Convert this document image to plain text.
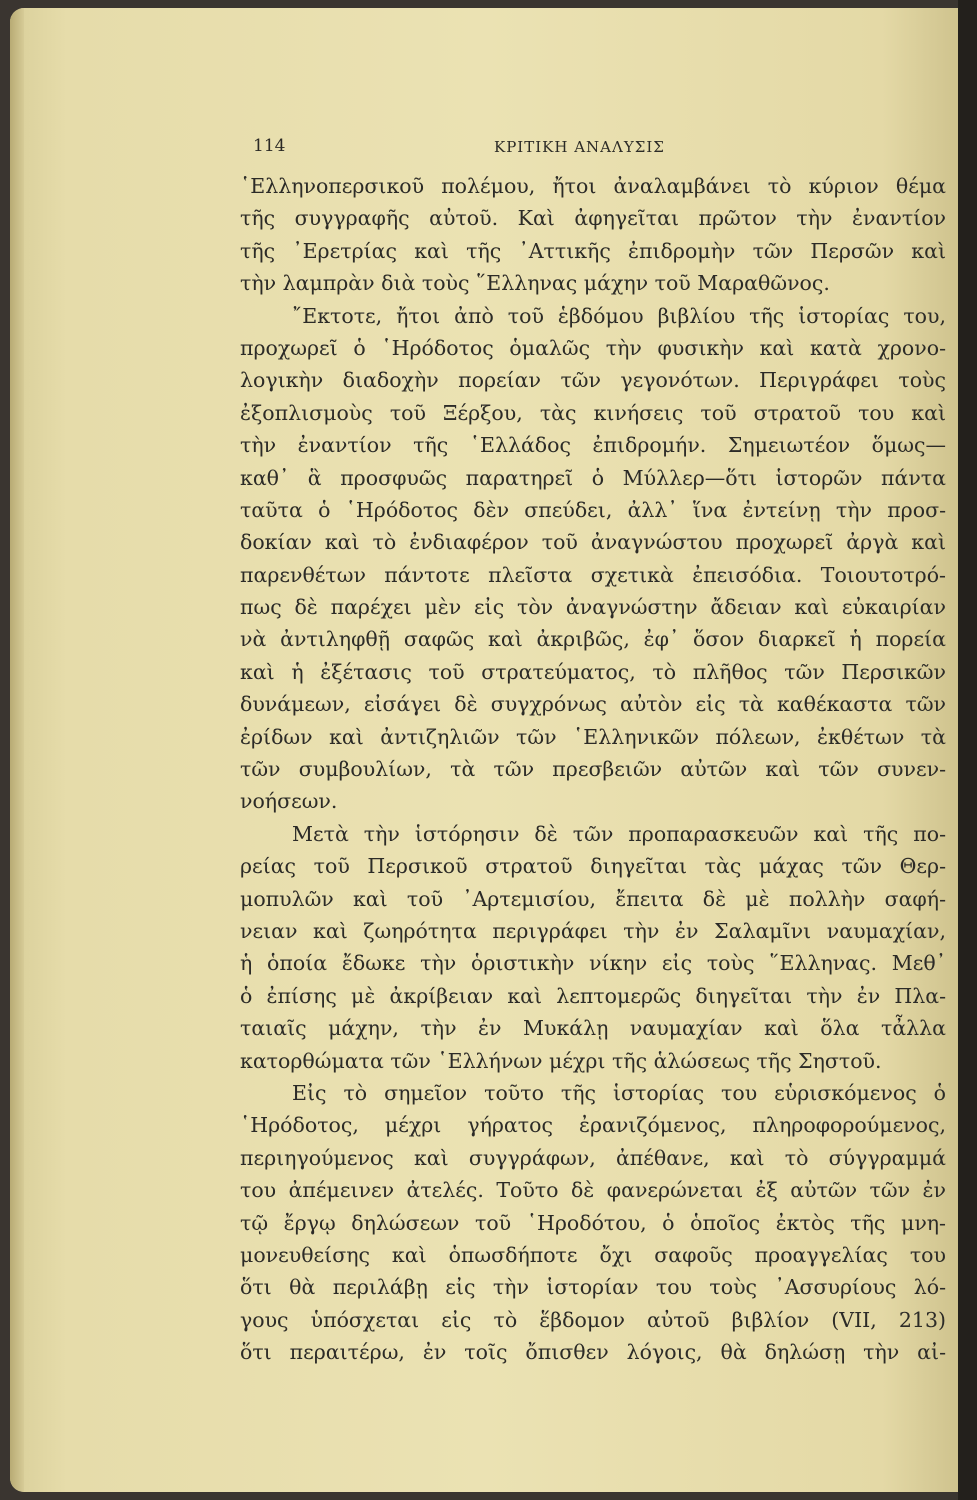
114	ΚΡΙΤΙΚΗ ΑΝΑΛΥΣΙΣ
῾Ελληνοπερσικοῦ πολέμου, ἤτοι ἀναλαμβάνει τὸ κύριον θέμα
τῆς συγγραφῆς αὐτοῦ. Καὶ ἀφηγεῖται πρῶτον τὴν ἐναντίον
τῆς ᾿Ερετρίας καὶ τῆς ᾿Αττικῆς ἐπιδρομὴν τῶν Περσῶν καὶ
τὴν λαμπρὰν διὰ τοὺς ῞Ελληνας μάχην τοῦ Μαραθῶνος.
῎Εκτοτε, ἤτοι ἀπὸ τοῦ ἑβδόμου βιβλίου τῆς ἱστορίας του,
προχωρεῖ ὁ ῾Ηρόδοτος ὁμαλῶς τὴν φυσικὴν καὶ κατὰ χρονο-
λογικὴν διαδοχὴν πορείαν τῶν γεγονότων. Περιγράφει τοὺς
ἐξοπλισμοὺς τοῦ Ξέρξου, τὰς κινήσεις τοῦ στρατοῦ του καὶ
τὴν ἐναντίον τῆς ῾Ελλάδος ἐπιδρομήν. Σημειωτέον ὅμως—
καθ᾿ ἃ προσφυῶς παρατηρεῖ ὁ Μύλλερ—ὅτι ἱστορῶν πάντα
ταῦτα ὁ ῾Ηρόδοτος δὲν σπεύδει, ἀλλ᾿ ἵνα ἐντείνῃ τὴν προσ-
δοκίαν καὶ τὸ ἐνδιαφέρον τοῦ ἀναγνώστου προχωρεῖ ἀργὰ καὶ
παρενθέτων πάντοτε πλεῖστα σχετικὰ ἐπεισόδια. Τοιουτοτρό-
πως δὲ παρέχει μὲν εἰς τὸν ἀναγνώστην ἄδειαν καὶ εὐκαιρίαν
νὰ ἀντιληφθῇ σαφῶς καὶ ἀκριβῶς, ἐφ᾿ ὅσον διαρκεῖ ἡ πορεία
καὶ ἡ ἐξέτασις τοῦ στρατεύματος, τὸ πλῆθος τῶν Περσικῶν
δυνάμεων, εἰσάγει δὲ συγχρόνως αὐτὸν εἰς τὰ καθέκαστα τῶν
ἐρίδων καὶ ἀντιζηλιῶν τῶν ῾Ελληνικῶν πόλεων, ἐκθέτων τὰ
τῶν συμβουλίων, τὰ τῶν πρεσβειῶν αὐτῶν καὶ τῶν συνεν-
νοήσεων.
Μετὰ τὴν ἱστόρησιν δὲ τῶν προπαρασκευῶν καὶ τῆς πο-
ρείας τοῦ Περσικοῦ στρατοῦ διηγεῖται τὰς μάχας τῶν Θερ-
μοπυλῶν καὶ τοῦ ᾿Αρτεμισίου, ἔπειτα δὲ μὲ πολλὴν σαφή-
νειαν καὶ ζωηρότητα περιγράφει τὴν ἐν Σαλαμῖνι ναυμαχίαν,
ἡ ὁποία ἔδωκε τὴν ὁριστικὴν νίκην εἰς τοὺς ῞Ελληνας. Μεθ᾿
ὁ ἐπίσης μὲ ἀκρίβειαν καὶ λεπτομερῶς διηγεῖται τὴν ἐν Πλα-
ταιαῖς μάχην, τὴν ἐν Μυκάλῃ ναυμαχίαν καὶ ὅλα τἆλλα
κατορθώματα τῶν ῾Ελλήνων μέχρι τῆς ἁλώσεως τῆς Σηστοῦ.
Εἰς τὸ σημεῖον τοῦτο τῆς ἱστορίας του εὑρισκόμενος ὁ
῾Ηρόδοτος, μέχρι γήρατος ἐρανιζόμενος, πληροφορούμενος,
περιηγούμενος καὶ συγγράφων, ἀπέθανε, καὶ τὸ σύγγραμμά
του ἀπέμεινεν ἀτελές. Τοῦτο δὲ φανερώνεται ἐξ αὐτῶν τῶν ἐν
τῷ ἔργῳ δηλώσεων τοῦ ῾Ηροδότου, ὁ ὁποῖος ἐκτὸς τῆς μνη-
μονευθείσης καὶ ὁπωσδήποτε ὄχι σαφοῦς προαγγελίας του
ὅτι θὰ περιλάβῃ εἰς τὴν ἱστορίαν του τοὺς ᾿Ασσυρίους λό-
γους ὑπόσχεται εἰς τὸ ἕβδομον αὐτοῦ βιβλίον (VII, 213)
ὅτι περαιτέρω, ἐν τοῖς ὄπισθεν λόγοις, θὰ δηλώσῃ τὴν αἰ-
